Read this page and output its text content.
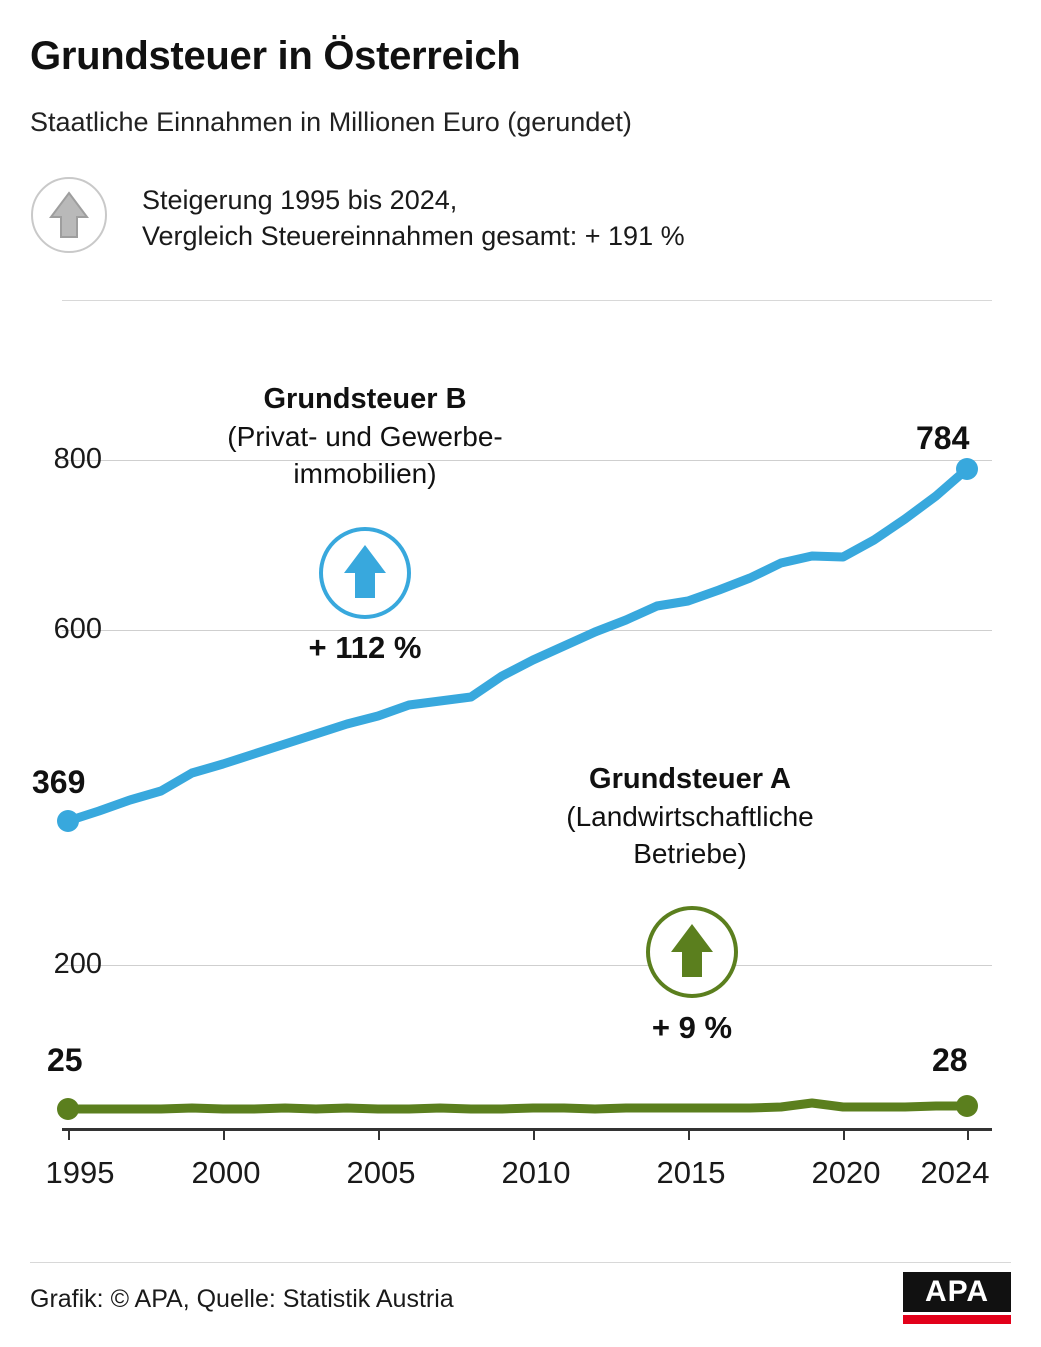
Grundsteuer in Österreich
Staatliche Einnahmen in Millionen Euro (gerundet)
Steigerung 1995 bis 2024,
Vergleich Steuereinnahmen gesamt: + 191 %
800
600
200
369
784
25	28
Grundsteuer B
(Privat- und Gewerbe-
immobilien)
+ 112 %
Grundsteuer A
(Landwirtschaftliche
Betriebe)
+ 9 %
1995 2000	2005	2010	2015	2020 2024
Grafik: © APA, Quelle: Statistik Austria	APA
